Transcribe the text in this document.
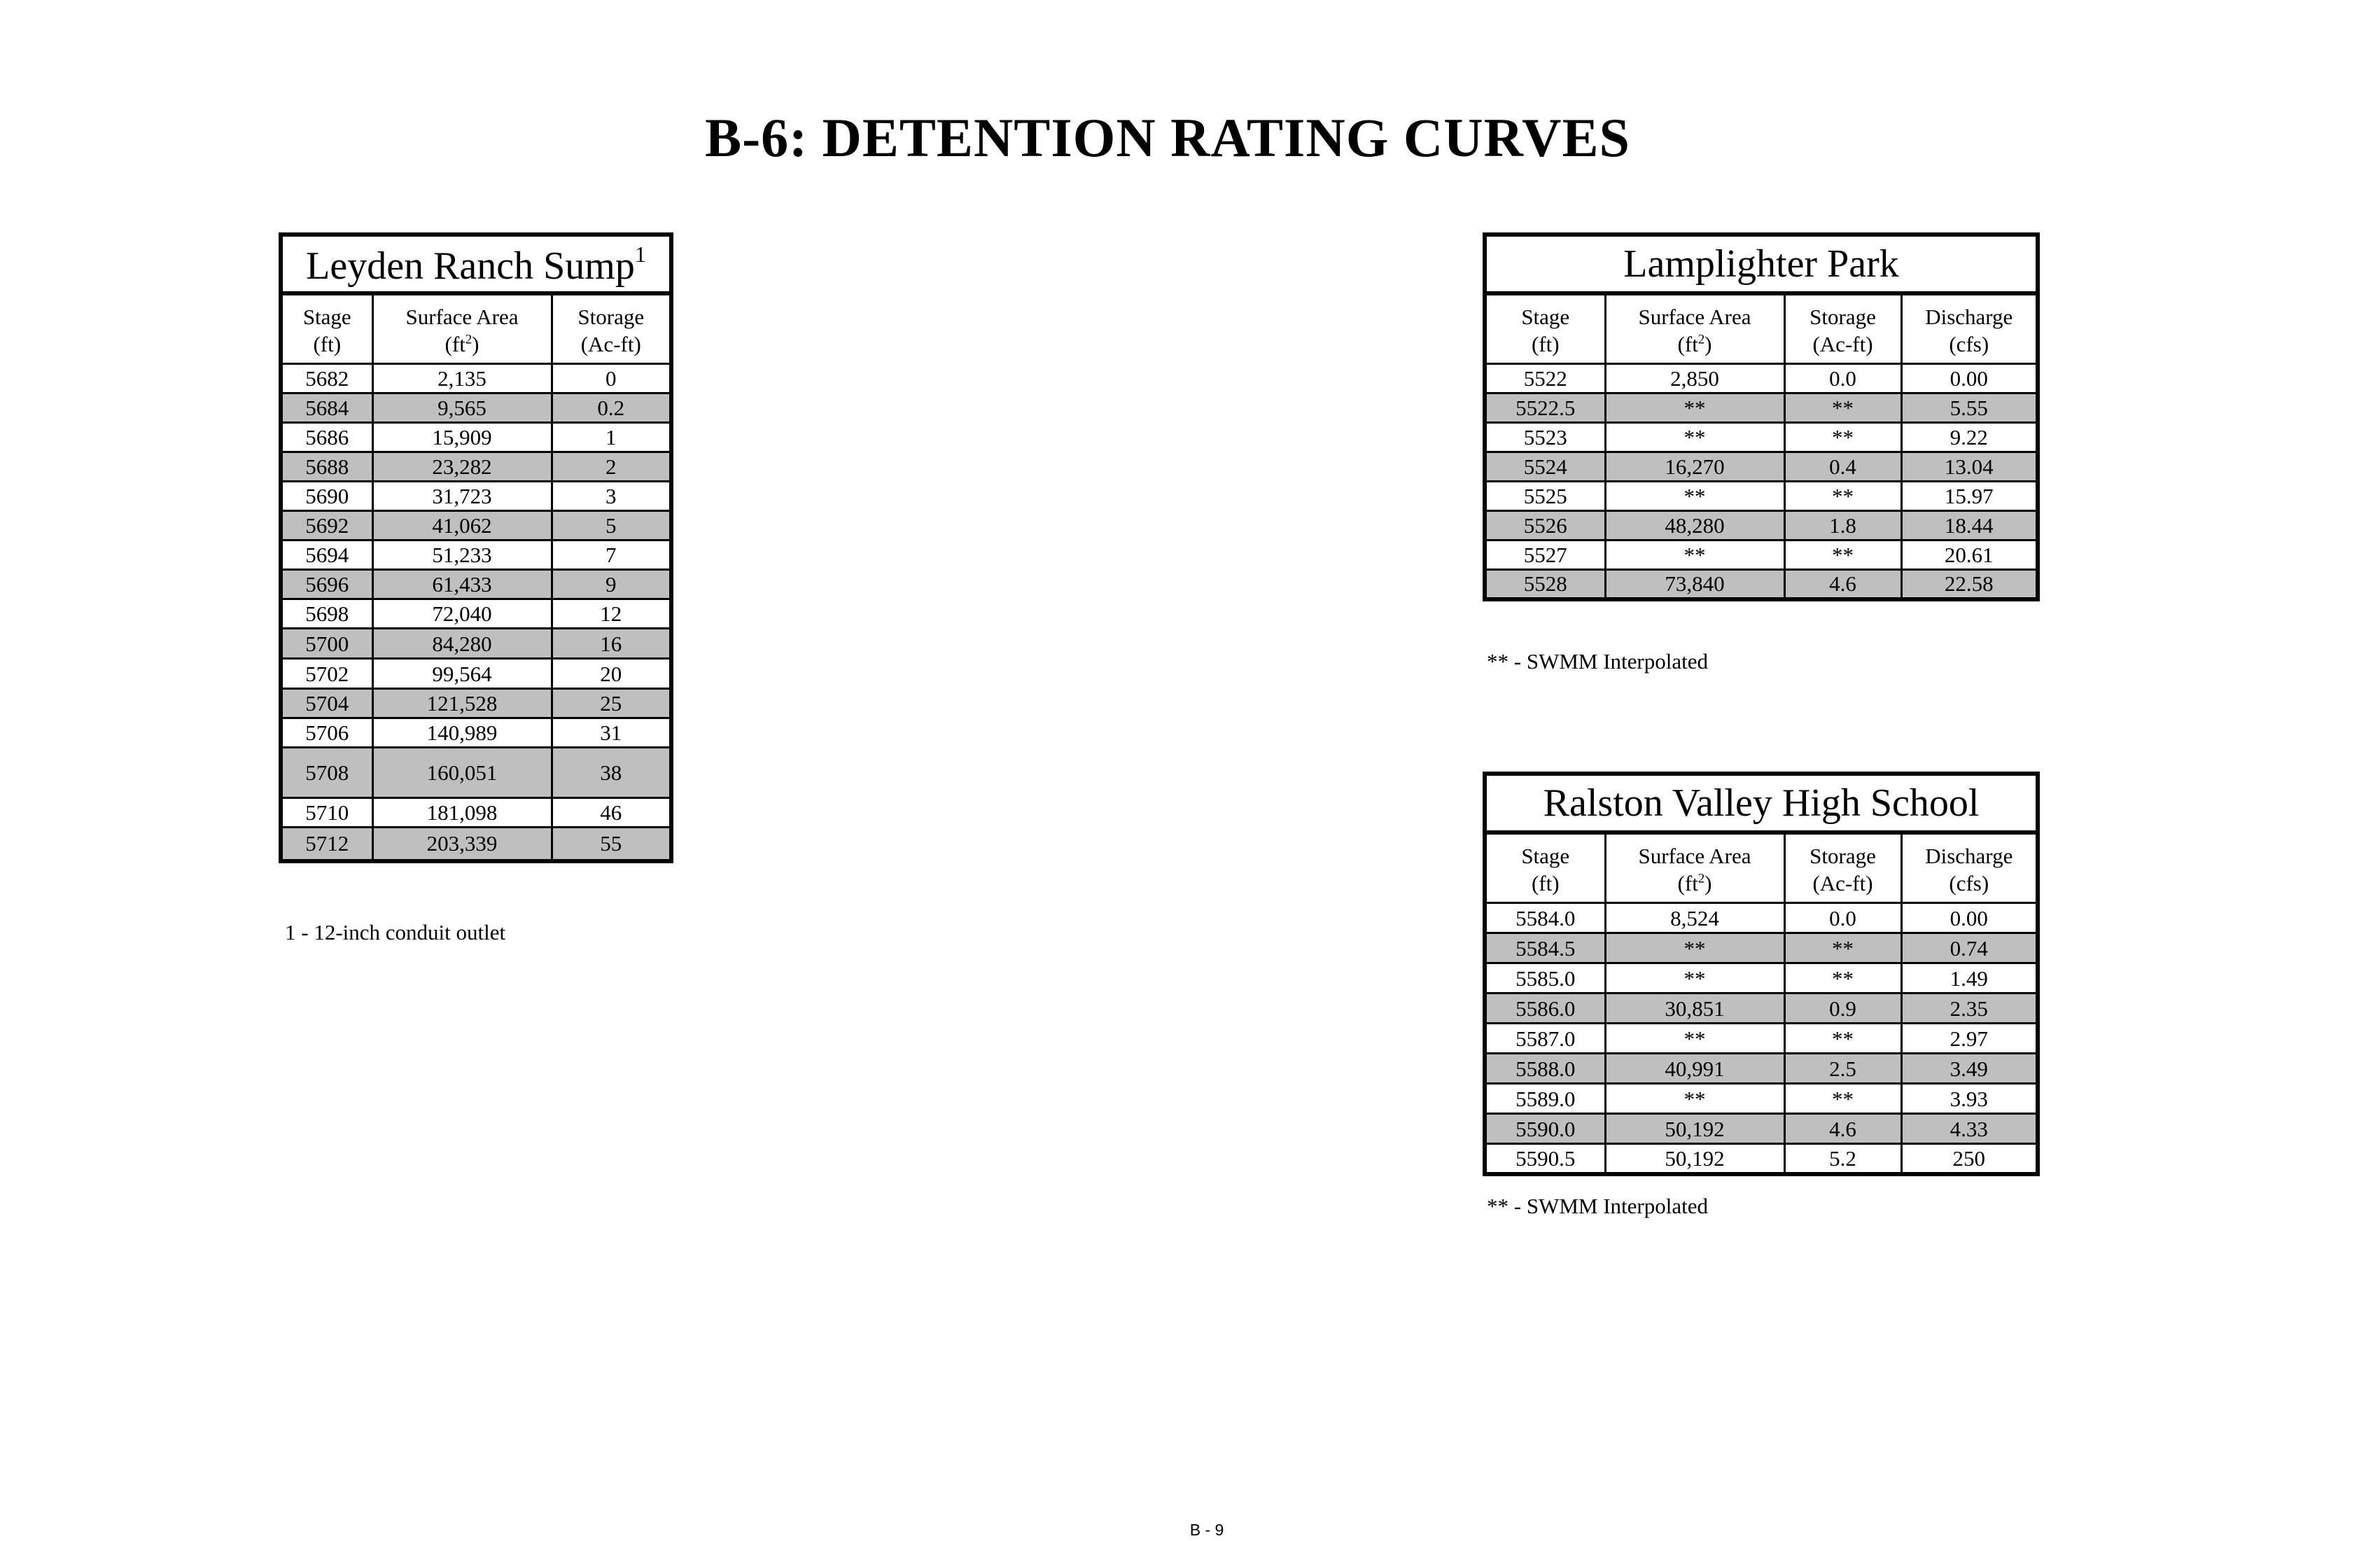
B-6: DETENTION RATING CURVES
Leyden Ranch Sump$^1$
Stage	Surface Area	Storage
(ft)	$(ft^2)$	(Ac-ft)
5682	2,135	0
5684	9,565	0.2
5686	15,909	1
5688	23,282	2
5690	31,723	3
5692	41,062	5
5694	51,233	7
5696	61,433	9
5698	72,040	12
5700	84,280	16
5702	99,564	20
5704	121,528	25
5706	140,989	31
5708	160,051	38
5710	181,098	46
5712	203,339	55
1 - 12-inch conduit outlet
Lamplighter Park			
Stage	Surface Area	Storage	Discharge
(ft)	$(ft^2)$	(Ac-ft)	(cfs)
5522	2,850	0.0	0.00
5522.5	**	**	5.55
5523	**	**	9.22
5524	16,270	0.4	13.04
5525	**	**	15.97
5526	48,280	1.8	18.44
5527	**	**	20.61
5528	73,840	4.6	22.58
** - SWMM Interpolated
Ralston Valley High School			
Stage	Surface Area	Storage	Discharge
(ft)	$(ft^2)$	(Ac-ft)	(cfs)
5584.0	8,524	0.0	0.00
5584.5	**	**	0.74
5585.0	**	**	1.49
5586.0	30,851	0.9	2.35
5587.0	**	**	2.97
5588.0	40,991	2.5	3.49
5589.0	**	**	3.93
5590.0	50,192	4.6	4.33
5590.5	50,192	5.2	250
** - SWMM Interpolated
B - 9
